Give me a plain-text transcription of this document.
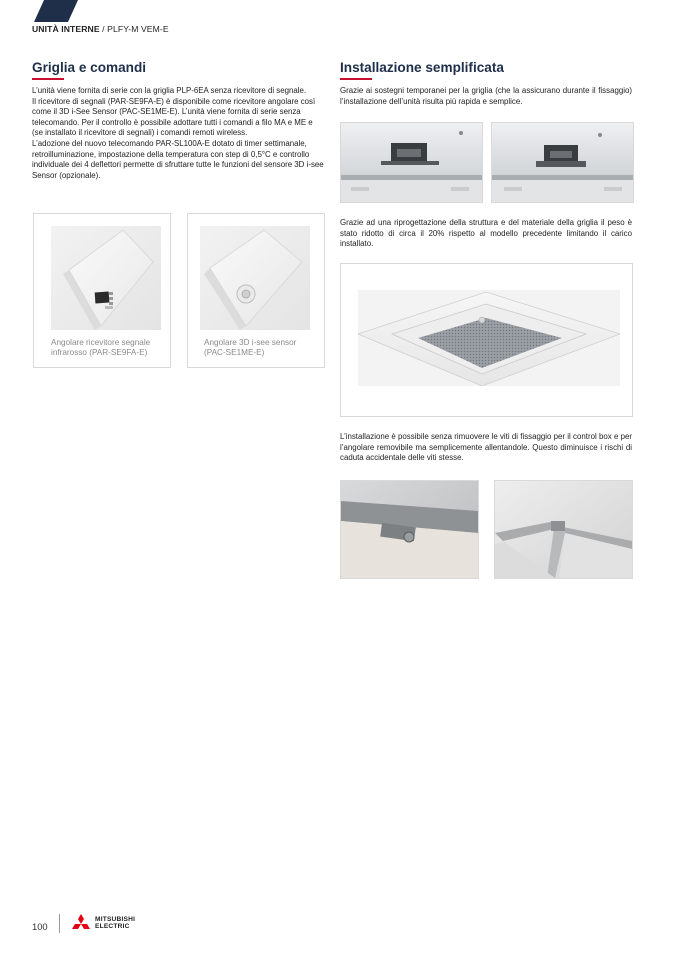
UNITÀ INTERNE / PLFY-M VEM-E
Griglia e comandi

L’unità viene fornita di serie con la griglia PLP-6EA senza ricevitore di segnale.

Il ricevitore di segnali (PAR-SE9FA-E) è disponibile come ricevitore angolare così come il 3D i-See Sensor (PAC-SE1ME-E). L’unità viene fornita di serie senza telecomando. Per il controllo è possibile adottare tutti i comandi a filo MA e ME e (se installato il ricevitore di segnali) i comandi remoti wireless.

L’adozione del nuovo telecomando PAR-SL100A-E dotato di timer settimanale, retroilluminazione, impostazione della temperatura con step di 0,5°C e controllo individuale dei 4 deflettori permette di sfruttare tutte le funzioni del sensore 3D i-see Sensor (opzionale).

Angolare ricevitore segnale
infrarosso (PAR-SE9FA-E)
Angolare 3D i-see sensor
(PAC-SE1ME-E)
Installazione semplificata
Grazie ai sostegni temporanei per la griglia (che la assicurano durante il fissaggio) l’installazione dell’unità risulta più rapida e semplice.
Grazie ad una riprogettazione della struttura e del materiale della griglia il peso è stato ridotto di circa il 20% rispetto al modello precedente limitando il carico installato.
L’installazione è possibile senza rimuovere le viti di fissaggio per il control box e per l’angolare removibile ma semplicemente allentandole. Questo diminuisce i rischi di caduta accidentale delle viti stesse.
100
MITSUBISHI
ELECTRIC
